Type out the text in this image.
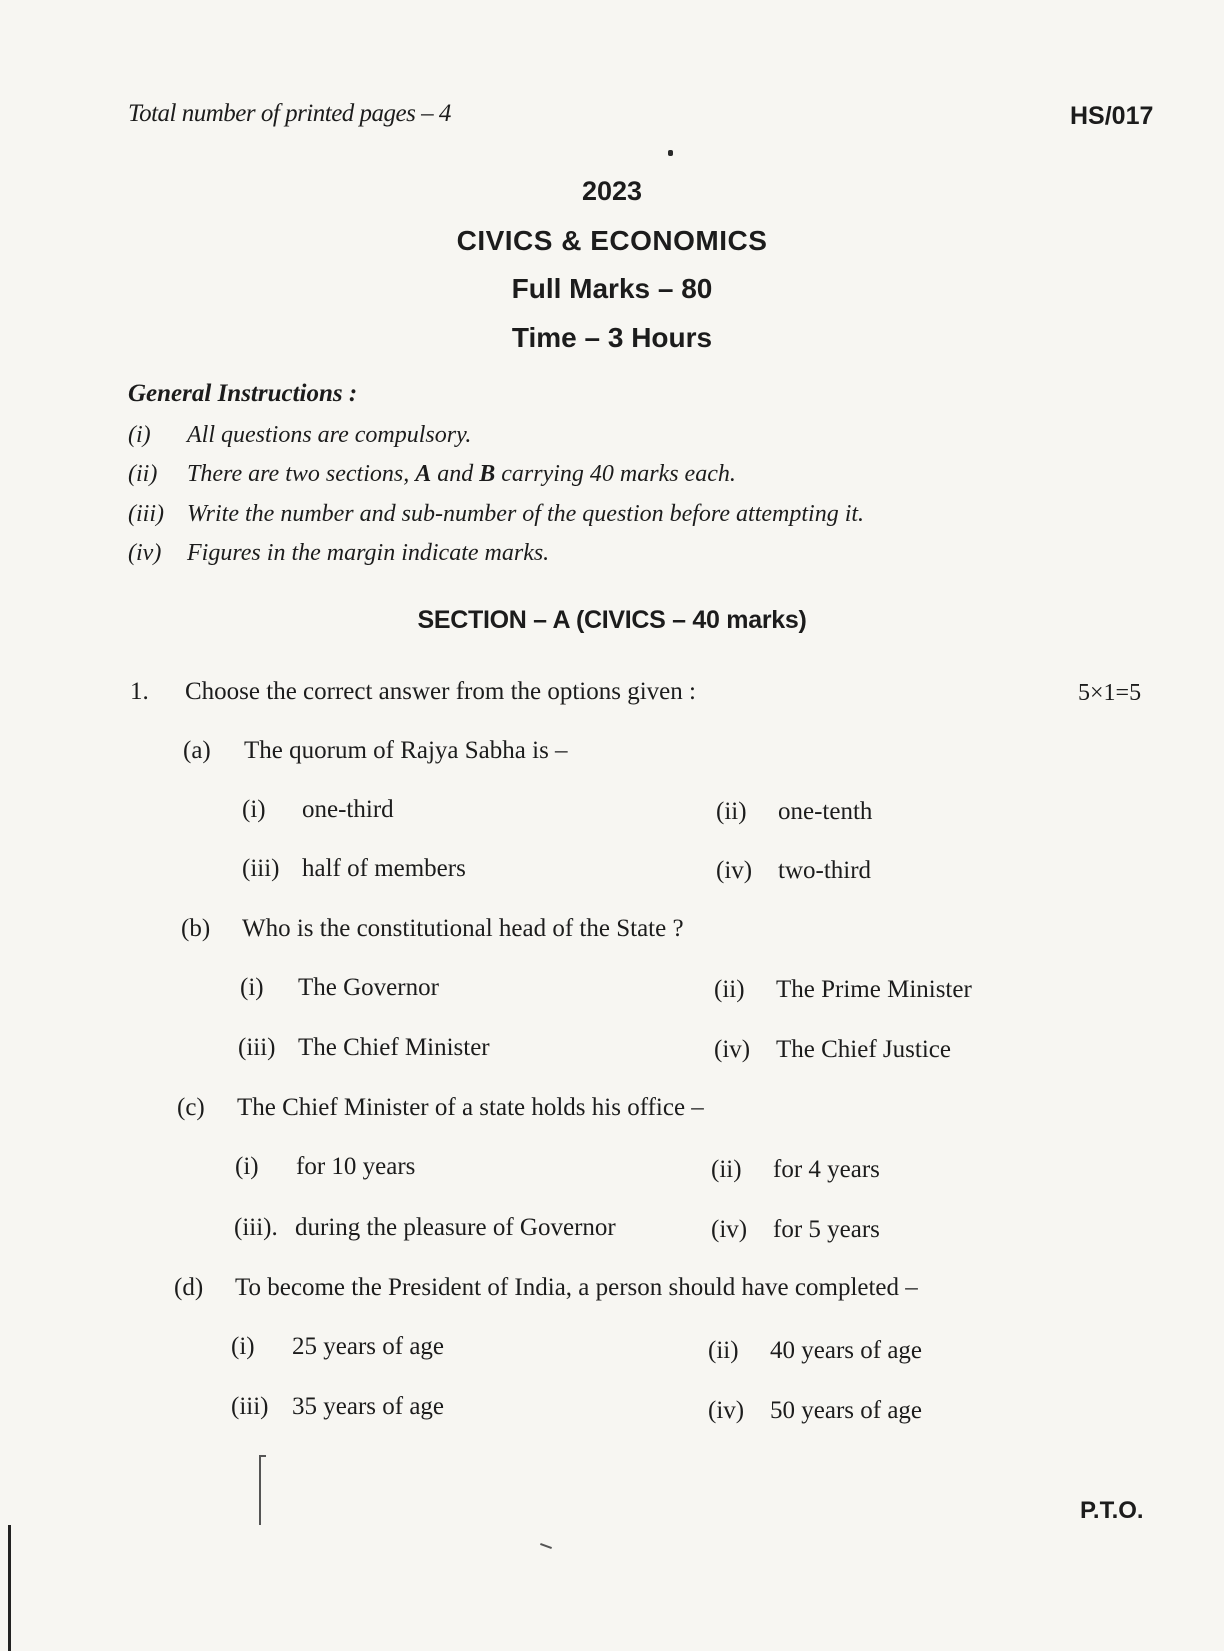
Total number of printed pages – 4	HS/017
2023
CIVICS & ECONOMICS
Full Marks – 80
Time – 3 Hours
General Instructions :
(i) All questions are compulsory.
(ii) There are two sections, A and B carrying 40 marks each.
(iii) Write the number and sub-number of the question before attempting it.
(iv) Figures in the margin indicate marks.
SECTION – A (CIVICS – 40 marks)
1. Choose the correct answer from the options given :	5×1=5
(a) The quorum of Rajya Sabha is –
(i) one-third	(ii) one-tenth
(iii) half of members	(iv) two-third
(b) Who is the constitutional head of the State ?
(i) The Governor	(ii) The Prime Minister
(iii) The Chief Minister	(iv) The Chief Justice
(c) The Chief Minister of a state holds his office –
(i) for 10 years	(ii) for 4 years
(iii). during the pleasure of Governor	(iv) for 5 years
(d) To become the President of India, a person should have completed –
(i) 25 years of age	(ii) 40 years of age
(iii) 35 years of age	(iv) 50 years of age
P.T.O.
